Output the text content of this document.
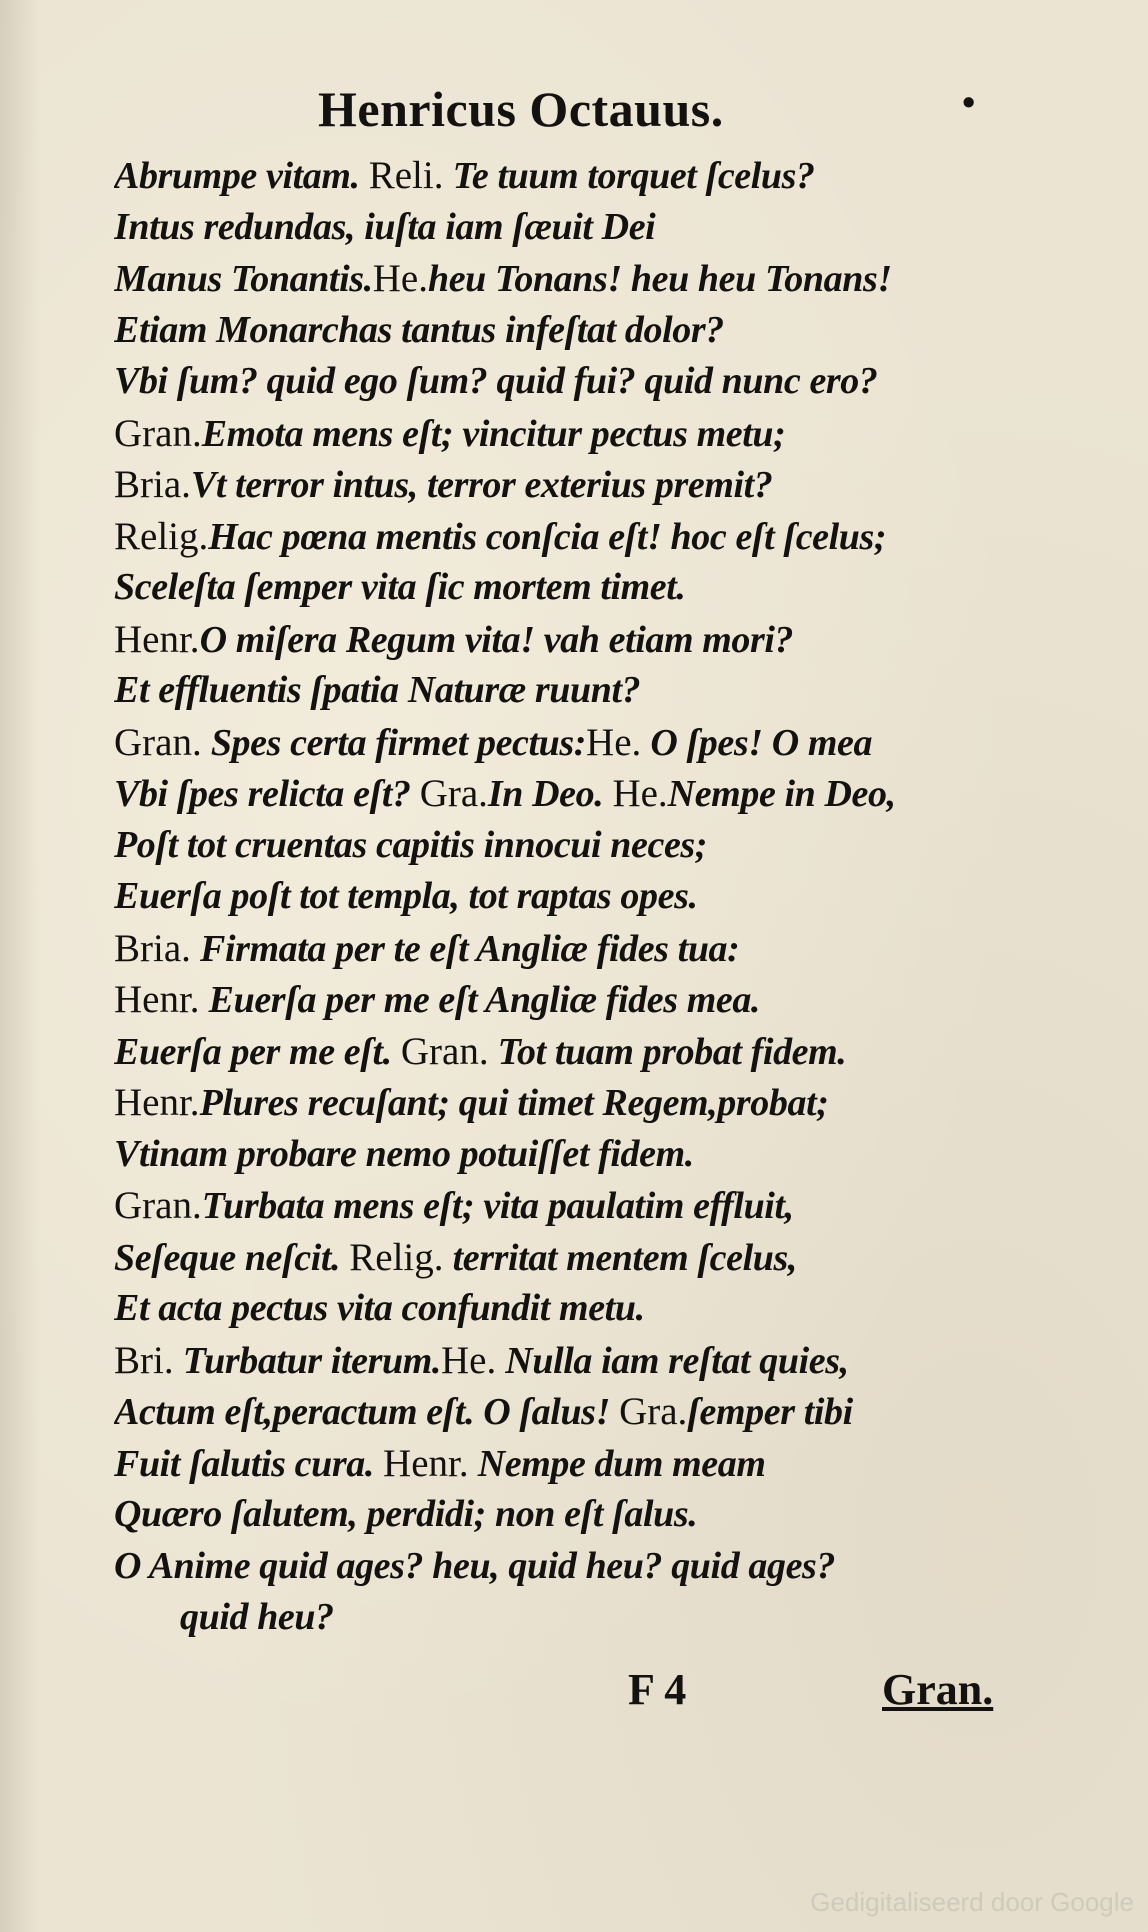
Henricus Octauus.	•
Abrumpe vitam. Reli. Te tuum torquet ſcelus?
Intus redundas, iuſta iam ſæuit Dei
Manus Tonantis.He.heu Tonans! heu heu Tonans!
Etiam Monarchas tantus infeſtat dolor?
Vbi ſum? quid ego ſum? quid fui? quid nunc ero?
Gran.Emota mens eſt; vincitur pectus metu;
Bria.Vt terror intus, terror exterius premit?
Relig.Hac pœna mentis conſcia eſt! hoc eſt ſcelus;
Sceleſta ſemper vita ſic mortem timet.
Henr.O miſera Regum vita! vah etiam mori?
Et effluentis ſpatia Naturæ ruunt?
Gran. Spes certa firmet pectus:He. O ſpes! O mea
Vbi ſpes relicta eſt? Gra.In Deo. He.Nempe in Deo,
Poſt tot cruentas capitis innocui neces;
Euerſa poſt tot templa, tot raptas opes.
Bria. Firmata per te eſt Angliæ fides tua:
Henr. Euerſa per me eſt Angliæ fides mea.
Euerſa per me eſt. Gran. Tot tuam probat fidem.
Henr.Plures recuſant; qui timet Regem,probat;
Vtinam probare nemo potuiſſet fidem.
Gran.Turbata mens eſt; vita paulatim effluit,
Seſeque neſcit. Relig. territat mentem ſcelus,
Et acta pectus vita confundit metu.
Bri. Turbatur iterum.He. Nulla iam reſtat quies,
Actum eſt,peractum eſt. O ſalus! Gra.ſemper tibi
Fuit ſalutis cura. Henr. Nempe dum meam
Quæro ſalutem, perdidi; non eſt ſalus.
O Anime quid ages? heu, quid heu? quid ages?
quid heu?
F 4	Gran.
Gedigitaliseerd door Google
